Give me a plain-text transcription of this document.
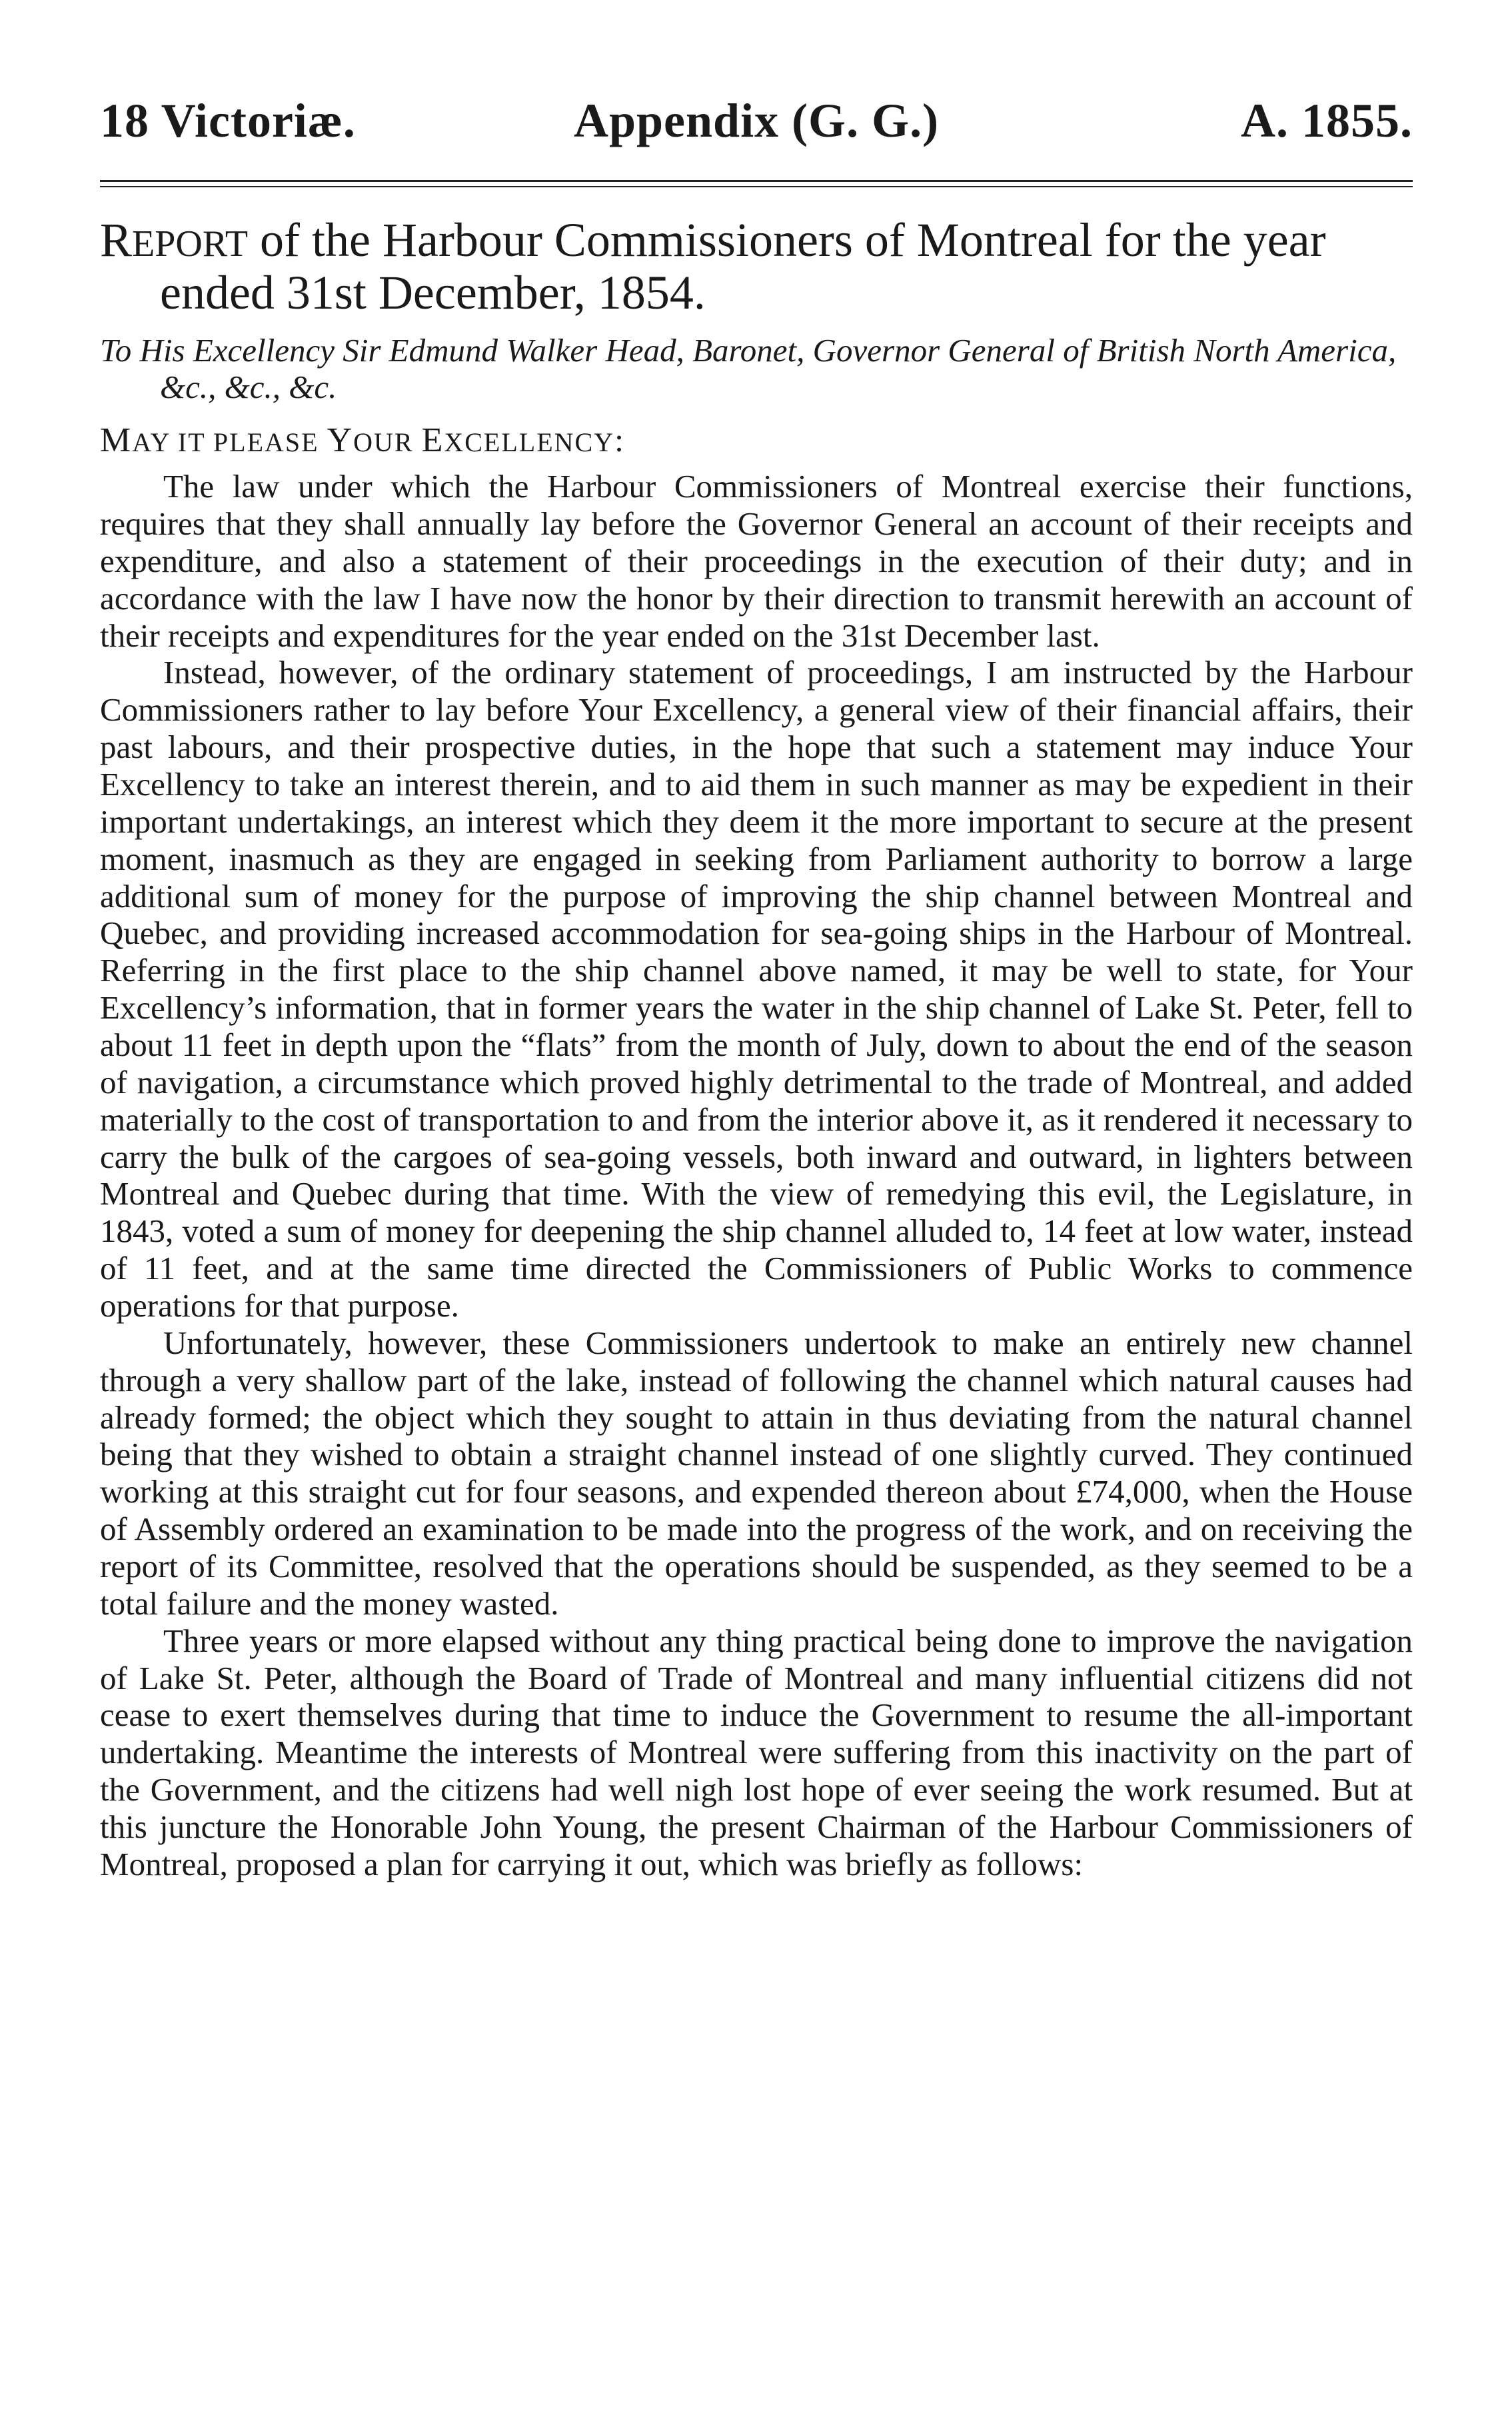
18 Victoriæ.	Appendix (G. G.)	A. 1855.
REPORT of the Harbour Commissioners of Montreal for the year ended 31st December, 1854.
To His Excellency Sir Edmund Walker Head, Baronet, Governor General of British North America, &c., &c., &c.
MAY IT PLEASE YOUR EXCELLENCY:

The law under which the Harbour Commissioners of Montreal exercise their functions, requires that they shall annually lay before the Governor General an account of their receipts and expenditure, and also a statement of their proceedings in the execution of their duty; and in accordance with the law I have now the honor by their direction to transmit herewith an account of their receipts and expenditures for the year ended on the 31st December last.

Instead, however, of the ordinary statement of proceedings, I am instructed by the Harbour Commissioners rather to lay before Your Excellency, a general view of their financial affairs, their past labours, and their prospective duties, in the hope that such a statement may induce Your Excellency to take an interest therein, and to aid them in such manner as may be expedient in their important undertakings, an interest which they deem it the more important to secure at the present moment, inasmuch as they are engaged in seeking from Parliament authority to borrow a large additional sum of money for the purpose of improving the ship channel between Montreal and Quebec, and providing increased accommodation for sea-going ships in the Harbour of Montreal. Referring in the first place to the ship channel above named, it may be well to state, for Your Excellency’s information, that in former years the water in the ship channel of Lake St. Peter, fell to about 11 feet in depth upon the “flats” from the month of July, down to about the end of the season of navigation, a circumstance which proved highly detrimental to the trade of Montreal, and added materially to the cost of transportation to and from the interior above it, as it rendered it necessary to carry the bulk of the cargoes of sea-going vessels, both inward and outward, in lighters between Montreal and Quebec during that time. With the view of remedying this evil, the Legislature, in 1843, voted a sum of money for deepening the ship channel alluded to, 14 feet at low water, instead of 11 feet, and at the same time directed the Commissioners of Public Works to commence operations for that purpose.

Unfortunately, however, these Commissioners undertook to make an entirely new channel through a very shallow part of the lake, instead of following the channel which natural causes had already formed; the object which they sought to attain in thus deviating from the natural channel being that they wished to obtain a straight channel instead of one slightly curved. They continued working at this straight cut for four seasons, and expended thereon about £74,000, when the House of Assembly ordered an examination to be made into the progress of the work, and on receiving the report of its Committee, resolved that the operations should be suspended, as they seemed to be a total failure and the money wasted.

Three years or more elapsed without any thing practical being done to improve the navigation of Lake St. Peter, although the Board of Trade of Montreal and many influential citizens did not cease to exert themselves during that time to induce the Government to resume the all-important undertaking. Meantime the interests of Montreal were suffering from this inactivity on the part of the Government, and the citizens had well nigh lost hope of ever seeing the work resumed. But at this juncture the Honorable John Young, the present Chairman of the Harbour Commissioners of Montreal, proposed a plan for carrying it out, which was briefly as follows:
